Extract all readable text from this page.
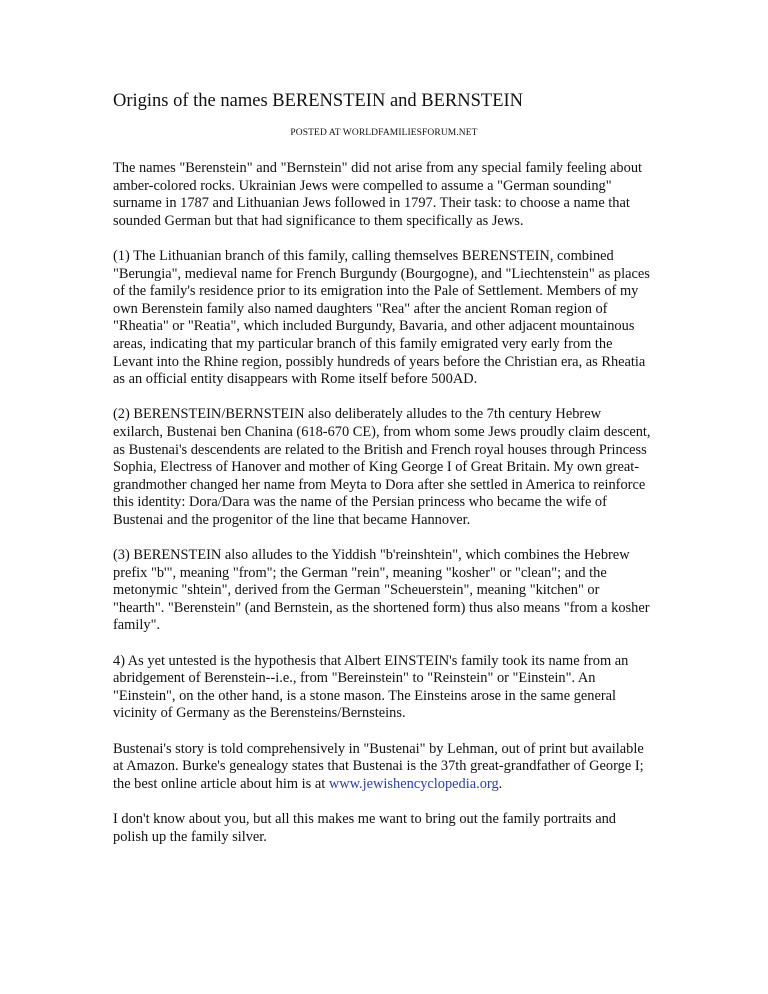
Origins of the names BERENSTEIN and BERNSTEIN
POSTED AT WORLDFAMILIESFORUM.NET

The names "Berenstein" and "Bernstein" did not arise from any special family feeling about amber-colored rocks. Ukrainian Jews were compelled to assume a "German sounding" surname in 1787 and Lithuanian Jews followed in 1797. Their task: to choose a name that sounded German but that had significance to them specifically as Jews.

(1) The Lithuanian branch of this family, calling themselves BERENSTEIN, combined "Berungia", medieval name for French Burgundy (Bourgogne), and "Liechtenstein" as places of the family's residence prior to its emigration into the Pale of Settlement. Members of my own Berenstein family also named daughters "Rea" after the ancient Roman region of "Rheatia" or "Reatia", which included Burgundy, Bavaria, and other adjacent mountainous areas, indicating that my particular branch of this family emigrated very early from the Levant into the Rhine region, possibly hundreds of years before the Christian era, as Rheatia as an official entity disappears with Rome itself before 500AD.

(2) BERENSTEIN/BERNSTEIN also deliberately alludes to the 7th century Hebrew exilarch, Bustenai ben Chanina (618-670 CE), from whom some Jews proudly claim descent, as Bustenai's descendents are related to the British and French royal houses through Princess Sophia, Electress of Hanover and mother of King George I of Great Britain. My own great-grandmother changed her name from Meyta to Dora after she settled in America to reinforce this identity: Dora/Dara was the name of the Persian princess who became the wife of Bustenai and the progenitor of the line that became Hannover.

(3) BERENSTEIN also alludes to the Yiddish "b'reinshtein", which combines the Hebrew prefix "b'", meaning "from"; the German "rein", meaning "kosher" or "clean"; and the metonymic "shtein", derived from the German "Scheuerstein", meaning "kitchen" or "hearth". "Berenstein" (and Bernstein, as the shortened form) thus also means "from a kosher family".

4) As yet untested is the hypothesis that Albert EINSTEIN's family took its name from an abridgement of Berenstein--i.e., from "Bereinstein" to "Reinstein" or "Einstein". An "Einstein", on the other hand, is a stone mason. The Einsteins arose in the same general vicinity of Germany as the Berensteins/Bernsteins.

Bustenai's story is told comprehensively in "Bustenai" by Lehman, out of print but available at Amazon. Burke's genealogy states that Bustenai is the 37th great-grandfather of George I; the best online article about him is at www.jewishencyclopedia.org.

I don't know about you, but all this makes me want to bring out the family portraits and polish up the family silver.
